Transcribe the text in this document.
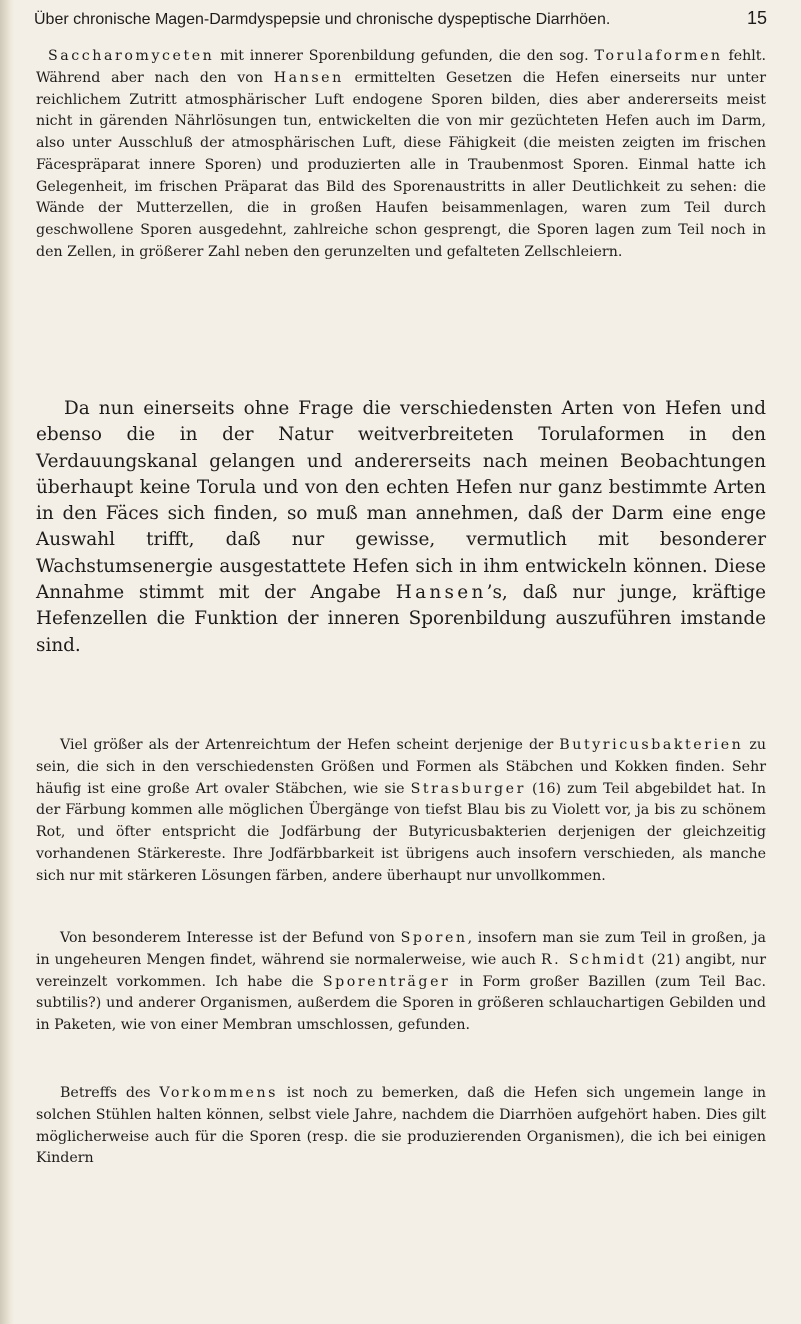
Über chronische Magen-Darmdyspepsie und chronische dyspeptische Diarrhöen.	15

Saccharomyceten mit innerer Sporenbildung gefunden, die den sog. Torulaformen fehlt. Während aber nach den von Hansen ermittelten Gesetzen die Hefen einerseits nur unter reichlichem Zutritt atmosphärischer Luft endogene Sporen bilden, dies aber andererseits meist nicht in gärenden Nährlösungen tun, entwickelten die von mir gezüchteten Hefen auch im Darm, also unter Ausschluß der atmosphärischen Luft, diese Fähigkeit (die meisten zeigten im frischen Fäcespräparat innere Sporen) und produzierten alle in Traubenmost Sporen. Einmal hatte ich Gelegenheit, im frischen Präparat das Bild des Sporenaustritts in aller Deutlichkeit zu sehen: die Wände der Mutterzellen, die in großen Haufen beisammenlagen, waren zum Teil durch geschwollene Sporen ausgedehnt, zahlreiche schon gesprengt, die Sporen lagen zum Teil noch in den Zellen, in größerer Zahl neben den gerunzelten und gefalteten Zellschleiern.

Da nun einerseits ohne Frage die verschiedensten Arten von Hefen und ebenso die in der Natur weitverbreiteten Torulaformen in den Verdauungskanal gelangen und andererseits nach meinen Beobachtungen überhaupt keine Torula und von den echten Hefen nur ganz bestimmte Arten in den Fäces sich finden, so muß man annehmen, daß der Darm eine enge Auswahl trifft, daß nur gewisse, vermutlich mit besonderer Wachstumsenergie ausgestattete Hefen sich in ihm entwickeln können. Diese Annahme stimmt mit der Angabe Hansen’s, daß nur junge, kräftige Hefenzellen die Funktion der inneren Sporenbildung auszuführen imstande sind.

Viel größer als der Artenreichtum der Hefen scheint derjenige der Butyricusbakterien zu sein, die sich in den verschiedensten Größen und Formen als Stäbchen und Kokken finden. Sehr häufig ist eine große Art ovaler Stäbchen, wie sie Strasburger (16) zum Teil abgebildet hat. In der Färbung kommen alle möglichen Übergänge von tiefst Blau bis zu Violett vor, ja bis zu schönem Rot, und öfter entspricht die Jodfärbung der Butyricusbakterien derjenigen der gleichzeitig vorhandenen Stärkereste. Ihre Jodfärbbarkeit ist übrigens auch insofern verschieden, als manche sich nur mit stärkeren Lösungen färben, andere überhaupt nur unvollkommen.

Von besonderem Interesse ist der Befund von Sporen, insofern man sie zum Teil in großen, ja in ungeheuren Mengen findet, während sie normalerweise, wie auch R. Schmidt (21) angibt, nur vereinzelt vorkommen. Ich habe die Sporenträger in Form großer Bazillen (zum Teil Bac. subtilis?) und anderer Organismen, außerdem die Sporen in größeren schlauchartigen Gebilden und in Paketen, wie von einer Membran umschlossen, gefunden.

Betreffs des Vorkommens ist noch zu bemerken, daß die Hefen sich ungemein lange in solchen Stühlen halten können, selbst viele Jahre, nachdem die Diarrhöen aufgehört haben. Dies gilt möglicherweise auch für die Sporen (resp. die sie produzierenden Organismen), die ich bei einigen Kindern
